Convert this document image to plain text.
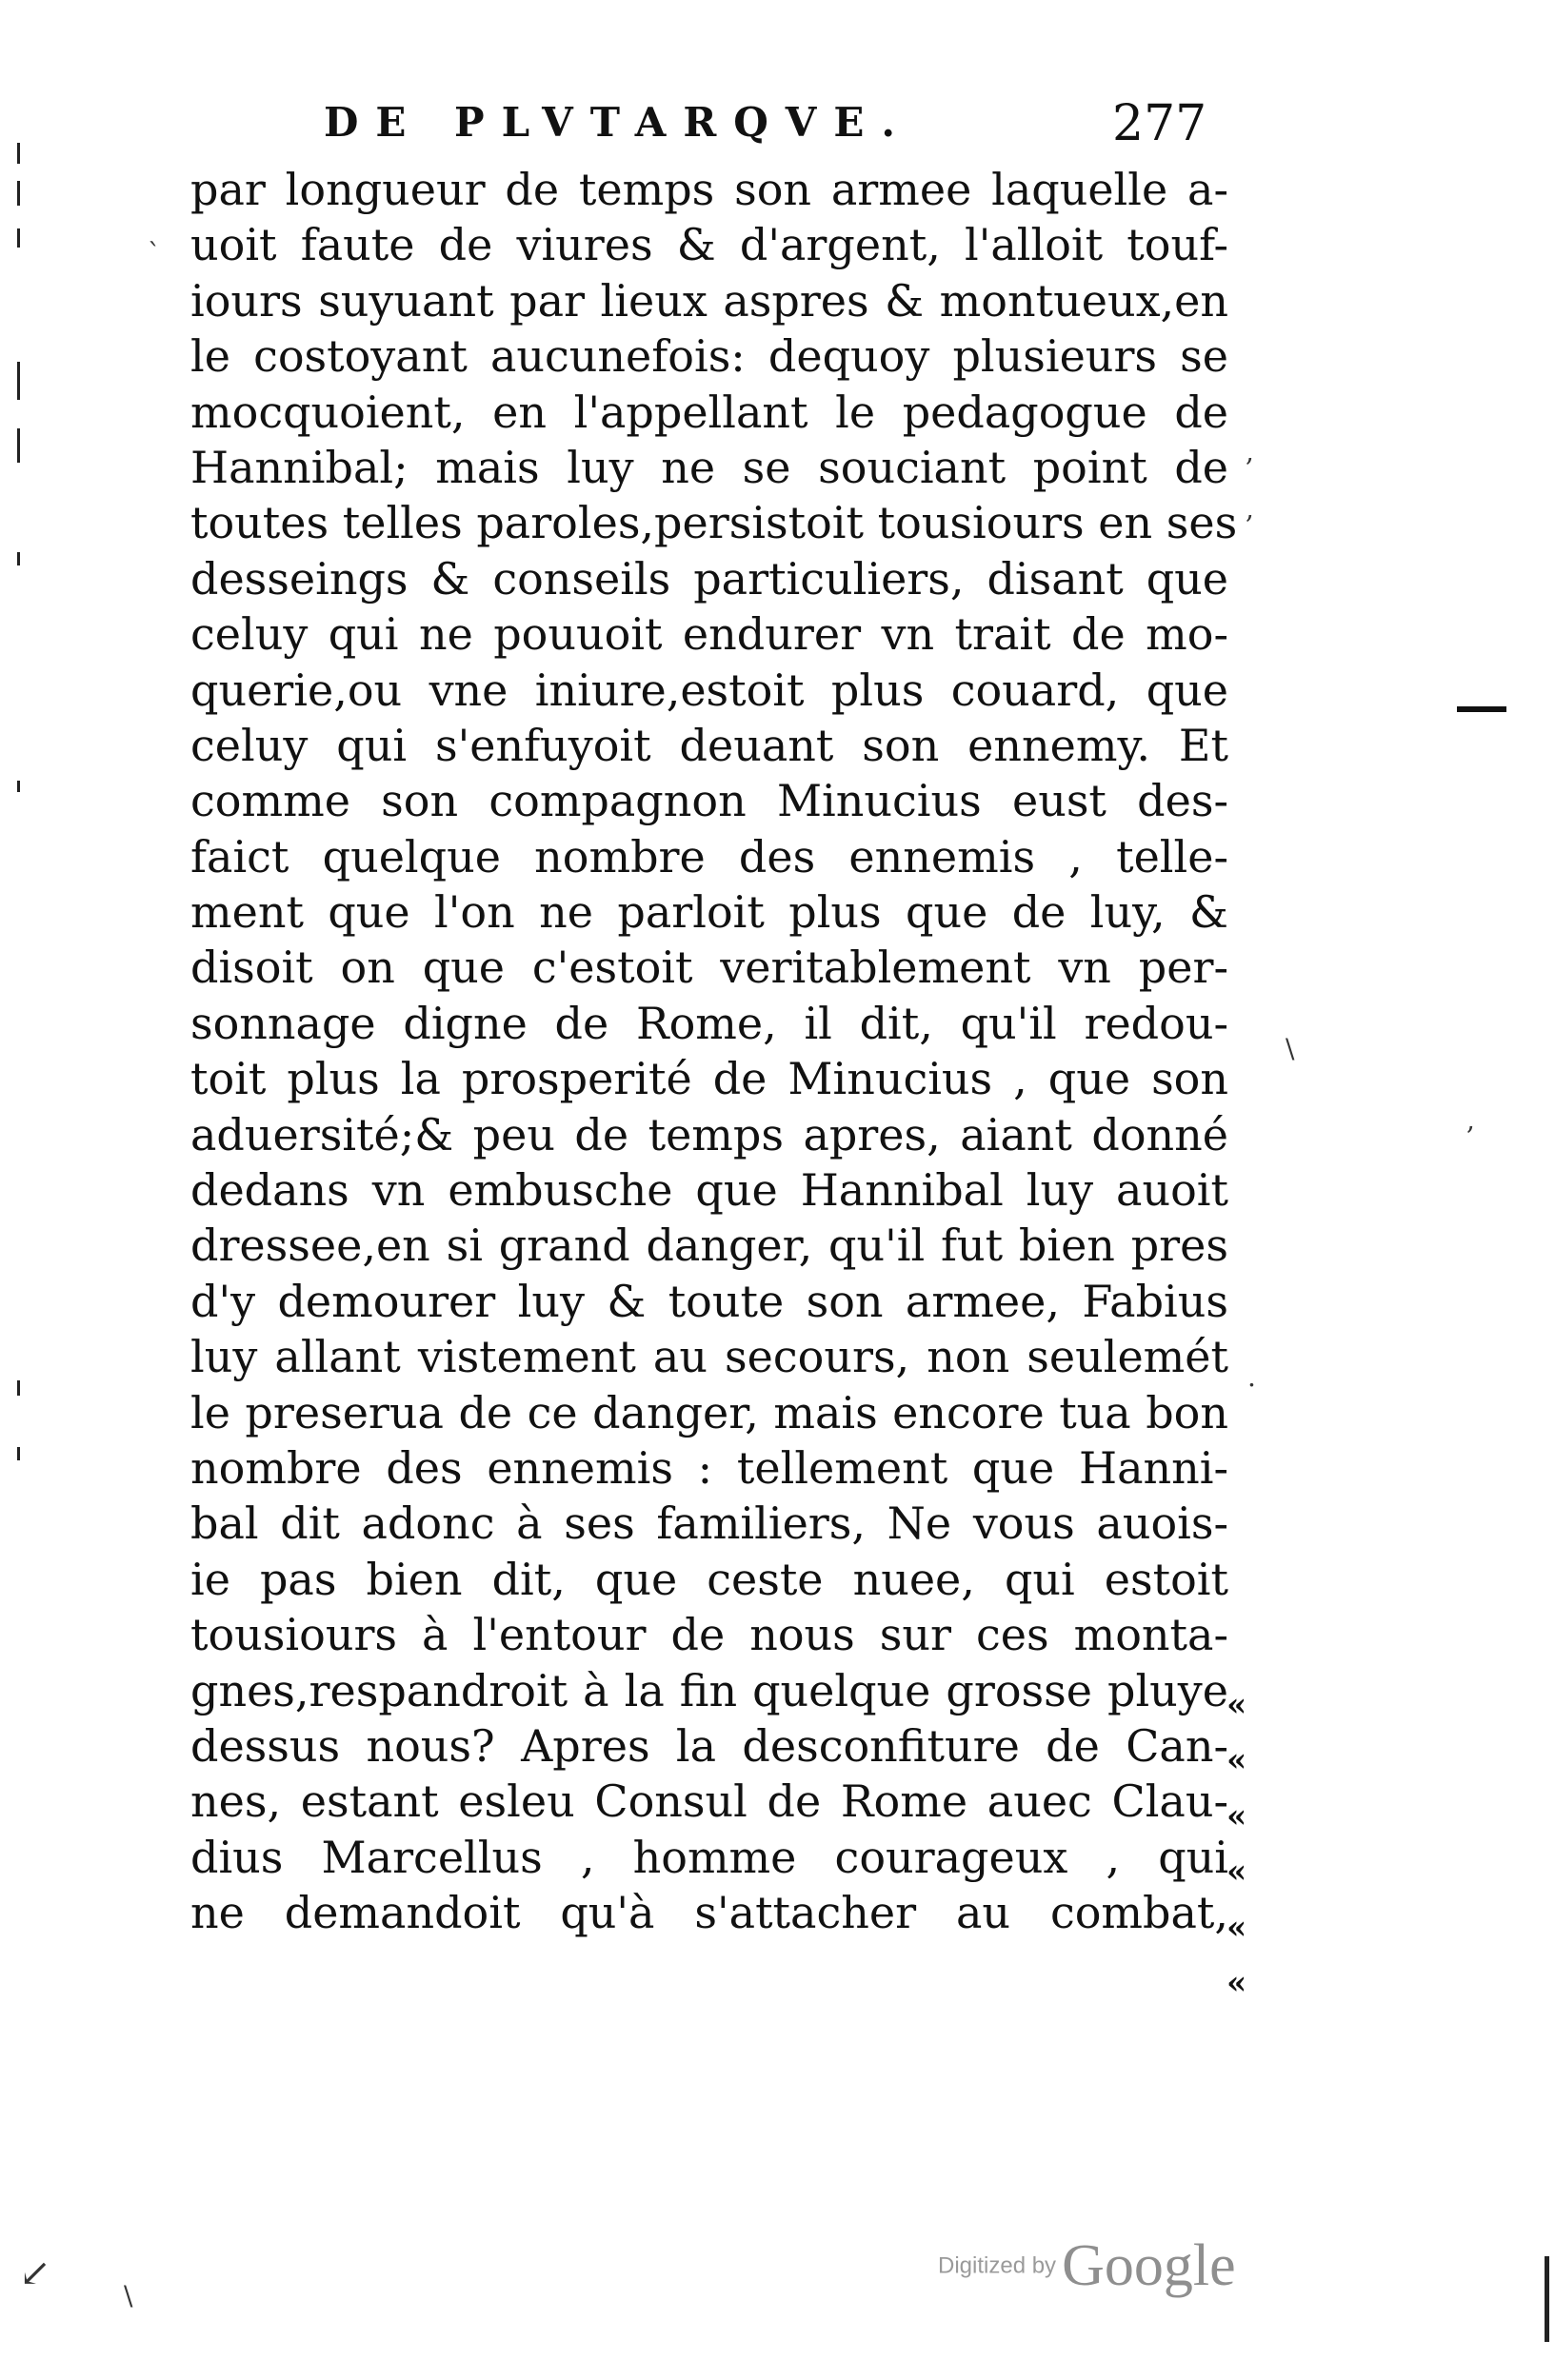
DE PLVTARQVE.	277
par longueur de temps son armee laquelle a-
uoit faute de viures & d'argent, l'alloit touf-
iours suyuant par lieux aspres & montueux,en
le costoyant aucunefois: dequoy plusieurs se
mocquoient, en l'appellant le pedagogue de
Hannibal; mais luy ne se souciant point de
toutes telles paroles,persistoit tousiours en ses
desseings & conseils particuliers, disant que
celuy qui ne pouuoit endurer vn trait de mo-
querie,ou vne iniure,estoit plus couard, que
celuy qui s'enfuyoit deuant son ennemy. Et
comme son compagnon Minucius eust des-
faict quelque nombre des ennemis , telle-
ment que l'on ne parloit plus que de luy, &
disoit on que c'estoit veritablement vn per-
sonnage digne de Rome, il dit, qu'il redou-
toit plus la prosperité de Minucius , que son
aduersité;& peu de temps apres, aiant donné
dedans vn embusche que Hannibal luy auoit
dressee,en si grand danger, qu'il fut bien pres
d'y demourer luy & toute son armee, Fabius
luy allant vistement au secours, non seulemét
le preserua de ce danger, mais encore tua bon
nombre des ennemis : tellement que Hanni-
bal dit adonc à ses familiers, Ne vous auois-
ie pas bien dit, que ceste nuee, qui estoit
tousiours à l'entour de nous sur ces monta-
gnes,respandroit à la fin quelque grosse pluye
dessus nous? Apres la desconfiture de Can-
nes, estant esleu Consul de Rome auec Clau-
dius Marcellus , homme courageux , qui
ne demandoit qu'à s'attacher au combat,
«
«
«
«
«
«
`
,
,
\
,
.
↙
\
Digitized byGoogle
